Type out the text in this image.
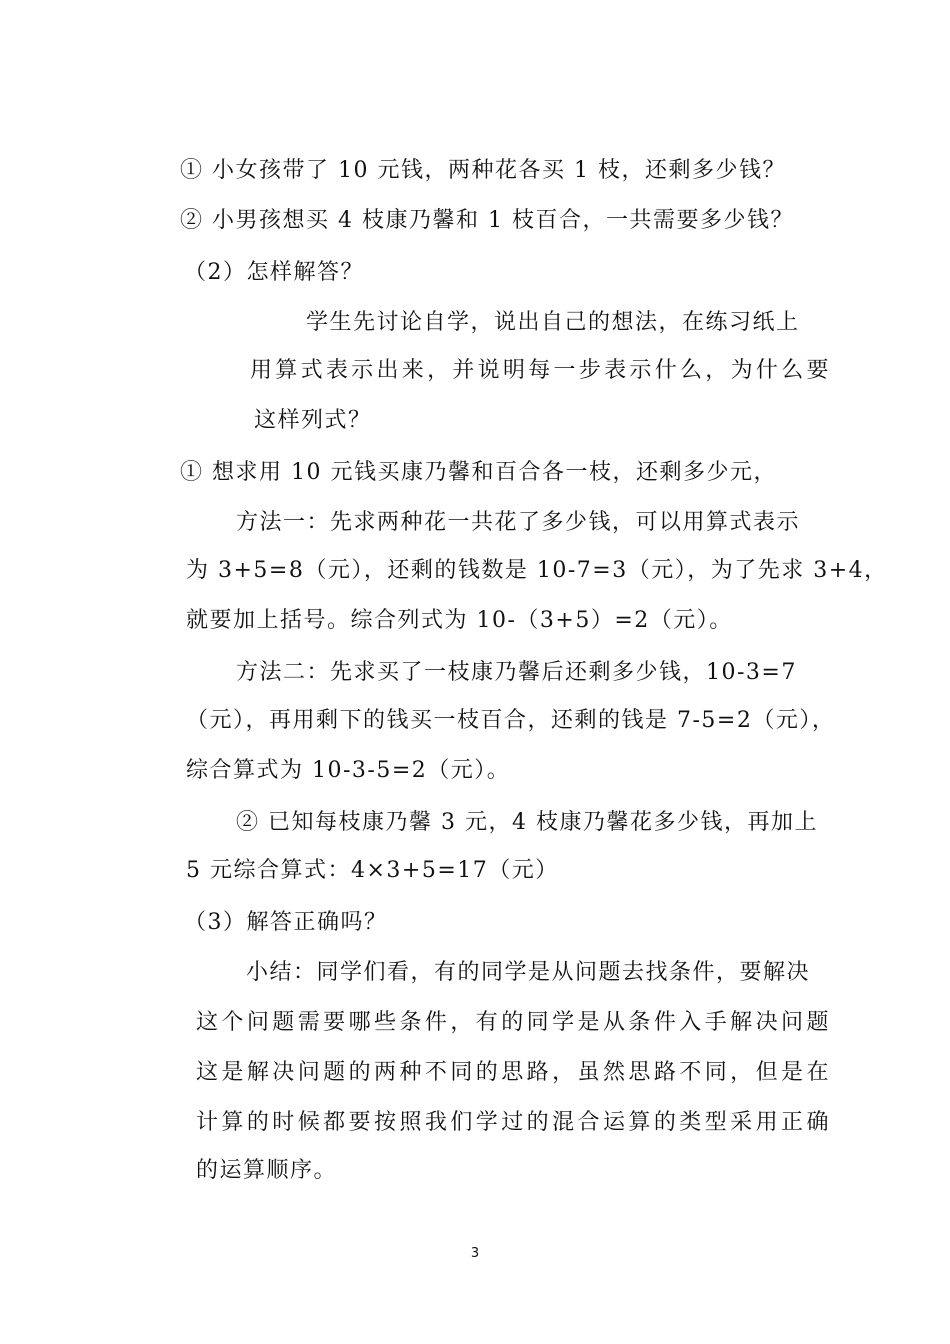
① 小女孩带了 10 元钱，两种花各买 1 枝，还剩多少钱？

② 小男孩想买 4 枝康乃馨和 1 枝百合，一共需要多少钱？

（2）怎样解答？

学生先讨论自学，说出自己的想法，在练习纸上

用算式表示出来，并说明每一步表示什么，为什么要

这样列式？

① 想求用 10 元钱买康乃馨和百合各一枝，还剩多少元，

方法一：先求两种花一共花了多少钱，可以用算式表示

为 3+5=8（元），还剩的钱数是 10-7=3（元），为了先求 3+4，

就要加上括号。综合列式为 10-（3+5）=2（元）。

方法二：先求买了一枝康乃馨后还剩多少钱，10-3=7

（元），再用剩下的钱买一枝百合，还剩的钱是 7-5=2（元），

综合算式为 10-3-5=2（元）。

② 已知每枝康乃馨 3 元，4 枝康乃馨花多少钱，再加上

5 元综合算式：4×3+5=17（元）

（3）解答正确吗？

小结：同学们看，有的同学是从问题去找条件，要解决

这个问题需要哪些条件，有的同学是从条件入手解决问题

这是解决问题的两种不同的思路，虽然思路不同，但是在

计算的时候都要按照我们学过的混合运算的类型采用正确

的运算顺序。

3
